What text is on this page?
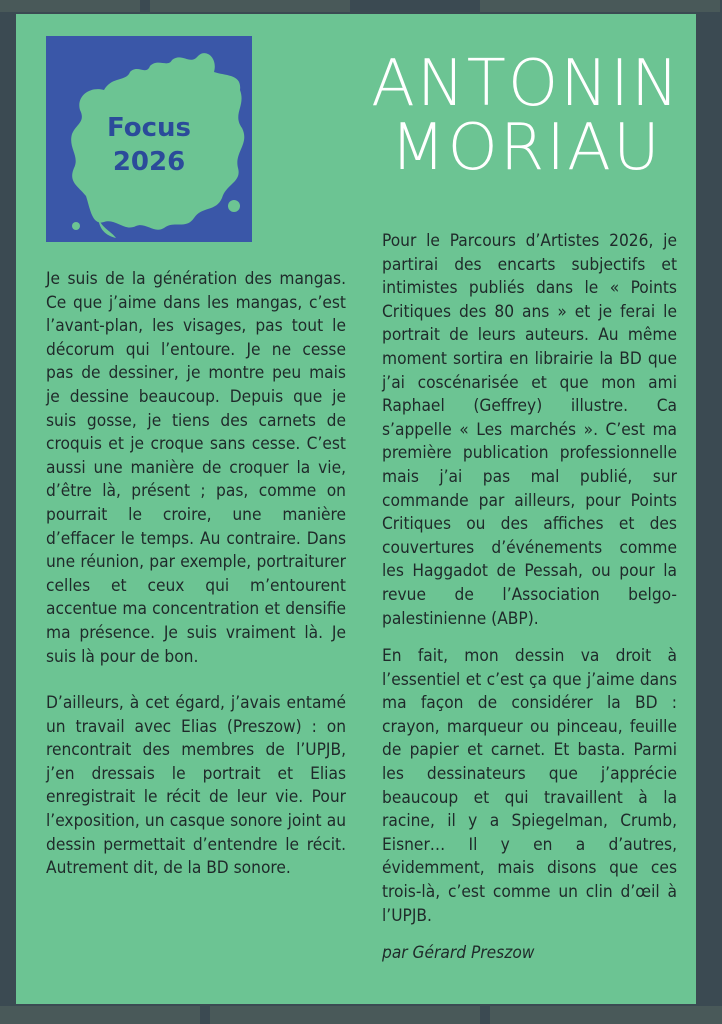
Focus
2026
ANTONIN
MORIAU

Je suis de la génération des mangas. Ce que j’aime dans les mangas, c’est l’avant-plan, les visages, pas tout le décorum qui l’entoure. Je ne cesse pas de dessiner, je montre peu mais je dessine beaucoup. Depuis que je suis gosse, je tiens des carnets de croquis et je croque sans cesse. C’est aussi une manière de croquer la vie, d’être là, présent ; pas, comme on pourrait le croire, une manière d’effacer le temps. Au contraire. Dans une réunion, par exemple, portraiturer celles et ceux qui m’entourent accentue ma concentration et densifie ma présence. Je suis vraiment là. Je suis là pour de bon.

D’ailleurs, à cet égard, j’avais entamé un travail avec Elias (Preszow) : on rencontrait des membres de l’UPJB, j’en dressais le portrait et Elias enregistrait le récit de leur vie. Pour l’exposition, un casque sonore joint au dessin permettait d’entendre le récit. Autrement dit, de la BD sonore.

Pour le Parcours d’Artistes 2026, je partirai des encarts subjectifs et intimistes publiés dans le « Points Critiques des 80 ans » et je ferai le portrait de leurs auteurs. Au même moment sortira en librairie la BD que j’ai coscénarisée et que mon ami Raphael (Geffrey) illustre. Ca s’appelle « Les marchés ». C’est ma première publication professionnelle mais j’ai pas mal publié, sur commande par ailleurs, pour Points Critiques ou des affiches et des couvertures d’événements comme les Haggadot de Pessah, ou pour la revue de l’Association belgo-palestinienne (ABP).

En fait, mon dessin va droit à l’essentiel et c’est ça que j’aime dans ma façon de considérer la BD : crayon, marqueur ou pinceau, feuille de papier et carnet. Et basta. Parmi les dessinateurs que j’apprécie beaucoup et qui travaillent à la racine, il y a Spiegelman, Crumb, Eisner… Il y en a d’autres, évidemment, mais disons que ces trois-là, c’est comme un clin d’œil à l’UPJB.

par Gérard Preszow
